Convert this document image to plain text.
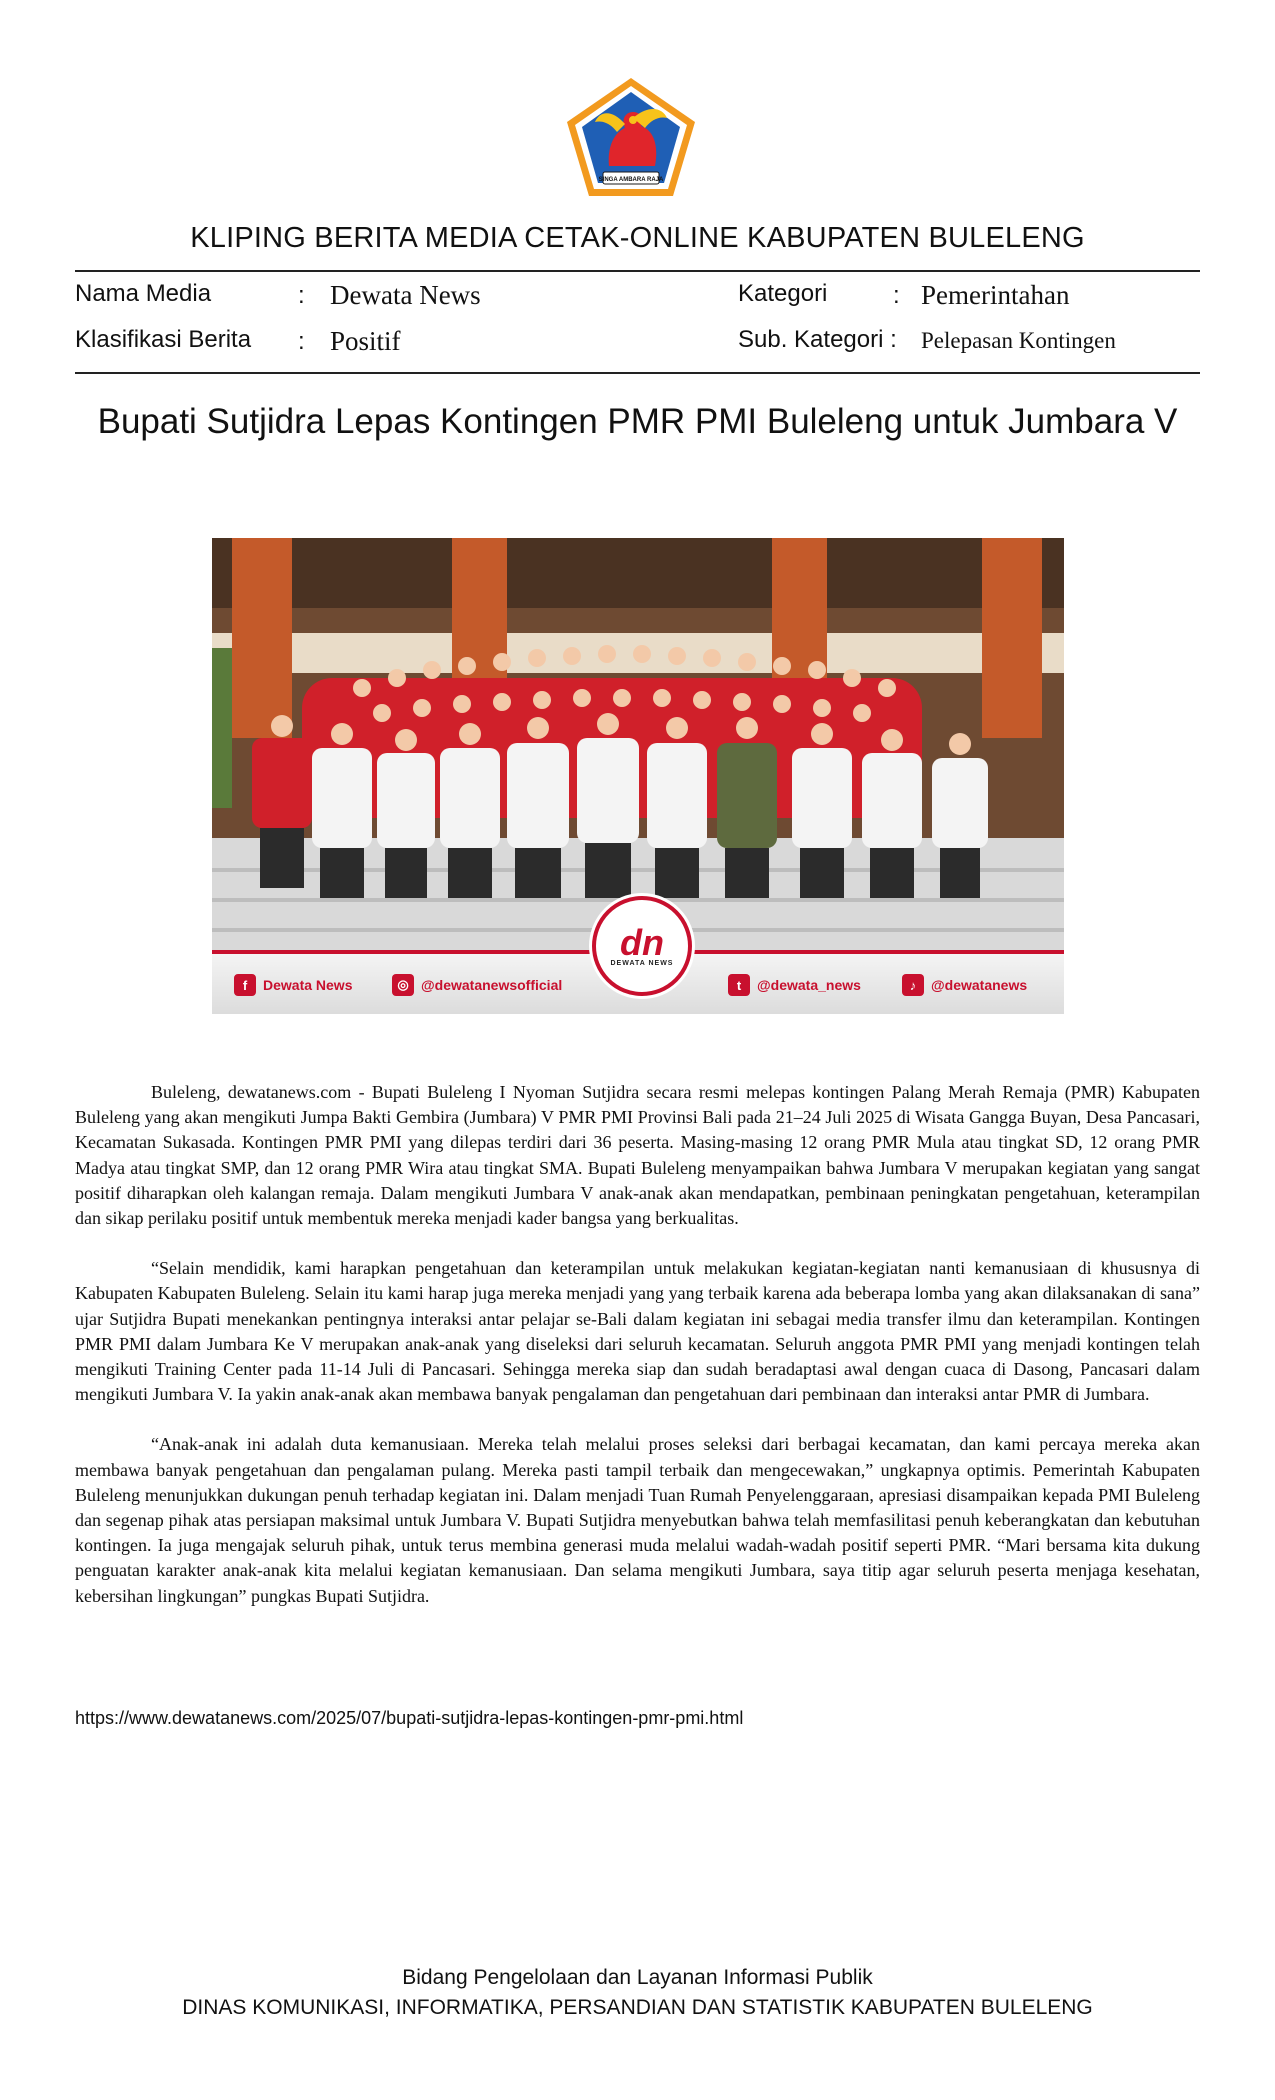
SINGA AMBARA RAJA
KLIPING BERITA MEDIA CETAK-ONLINE KABUPATEN BULELENG
Nama Media	: Dewata News
Klasifikasi Berita : Positif
Kategori	: Pemerintahan
Sub. Kategori : Pelepasan Kontingen
Bupati Sutjidra Lepas Kontingen PMR PMI Buleleng untuk Jumbara V
f	Dewata News	◎ @dewatanewsofficial	t	@dewata_news	♪	@dewatanews
dn
DEWATA NEWS

Buleleng, dewatanews.com - Bupati Buleleng I Nyoman Sutjidra secara resmi melepas kontingen Palang Merah Remaja (PMR) Kabupaten Buleleng yang akan mengikuti Jumpa Bakti Gembira (Jumbara) V PMR PMI Provinsi Bali pada 21–24 Juli 2025 di Wisata Gangga Buyan, Desa Pancasari, Kecamatan Sukasada. Kontingen PMR PMI yang dilepas terdiri dari 36 peserta. Masing-masing 12 orang PMR Mula atau tingkat SD, 12 orang PMR Madya atau tingkat SMP, dan 12 orang PMR Wira atau tingkat SMA. Bupati Buleleng menyampaikan bahwa Jumbara V merupakan kegiatan yang sangat positif diharapkan oleh kalangan remaja. Dalam mengikuti Jumbara V anak-anak akan mendapatkan, pembinaan peningkatan pengetahuan, keterampilan dan sikap perilaku positif untuk membentuk mereka menjadi kader bangsa yang berkualitas.

“Selain mendidik, kami harapkan pengetahuan dan keterampilan untuk melakukan kegiatan-kegiatan nanti kemanusiaan di khususnya di Kabupaten Kabupaten Buleleng. Selain itu kami harap juga mereka menjadi yang yang terbaik karena ada beberapa lomba yang akan dilaksanakan di sana” ujar Sutjidra Bupati menekankan pentingnya interaksi antar pelajar se-Bali dalam kegiatan ini sebagai media transfer ilmu dan keterampilan. Kontingen PMR PMI dalam Jumbara Ke V merupakan anak-anak yang diseleksi dari seluruh kecamatan. Seluruh anggota PMR PMI yang menjadi kontingen telah mengikuti Training Center pada 11-14 Juli di Pancasari. Sehingga mereka siap dan sudah beradaptasi awal dengan cuaca di Dasong, Pancasari dalam mengikuti Jumbara V. Ia yakin anak-anak akan membawa banyak pengalaman dan pengetahuan dari pembinaan dan interaksi antar PMR di Jumbara.

“Anak-anak ini adalah duta kemanusiaan. Mereka telah melalui proses seleksi dari berbagai kecamatan, dan kami percaya mereka akan membawa banyak pengetahuan dan pengalaman pulang. Mereka pasti tampil terbaik dan mengecewakan,” ungkapnya optimis. Pemerintah Kabupaten Buleleng menunjukkan dukungan penuh terhadap kegiatan ini. Dalam menjadi Tuan Rumah Penyelenggaraan, apresiasi disampaikan kepada PMI Buleleng dan segenap pihak atas persiapan maksimal untuk Jumbara V. Bupati Sutjidra menyebutkan bahwa telah memfasilitasi penuh keberangkatan dan kebutuhan kontingen. Ia juga mengajak seluruh pihak, untuk terus membina generasi muda melalui wadah-wadah positif seperti PMR. “Mari bersama kita dukung penguatan karakter anak-anak kita melalui kegiatan kemanusiaan. Dan selama mengikuti Jumbara, saya titip agar seluruh peserta menjaga kesehatan, kebersihan lingkungan” pungkas Bupati Sutjidra.

https://www.dewatanews.com/2025/07/bupati-sutjidra-lepas-kontingen-pmr-pmi.html
Bidang Pengelolaan dan Layanan Informasi Publik
DINAS KOMUNIKASI, INFORMATIKA, PERSANDIAN DAN STATISTIK KABUPATEN BULELENG
